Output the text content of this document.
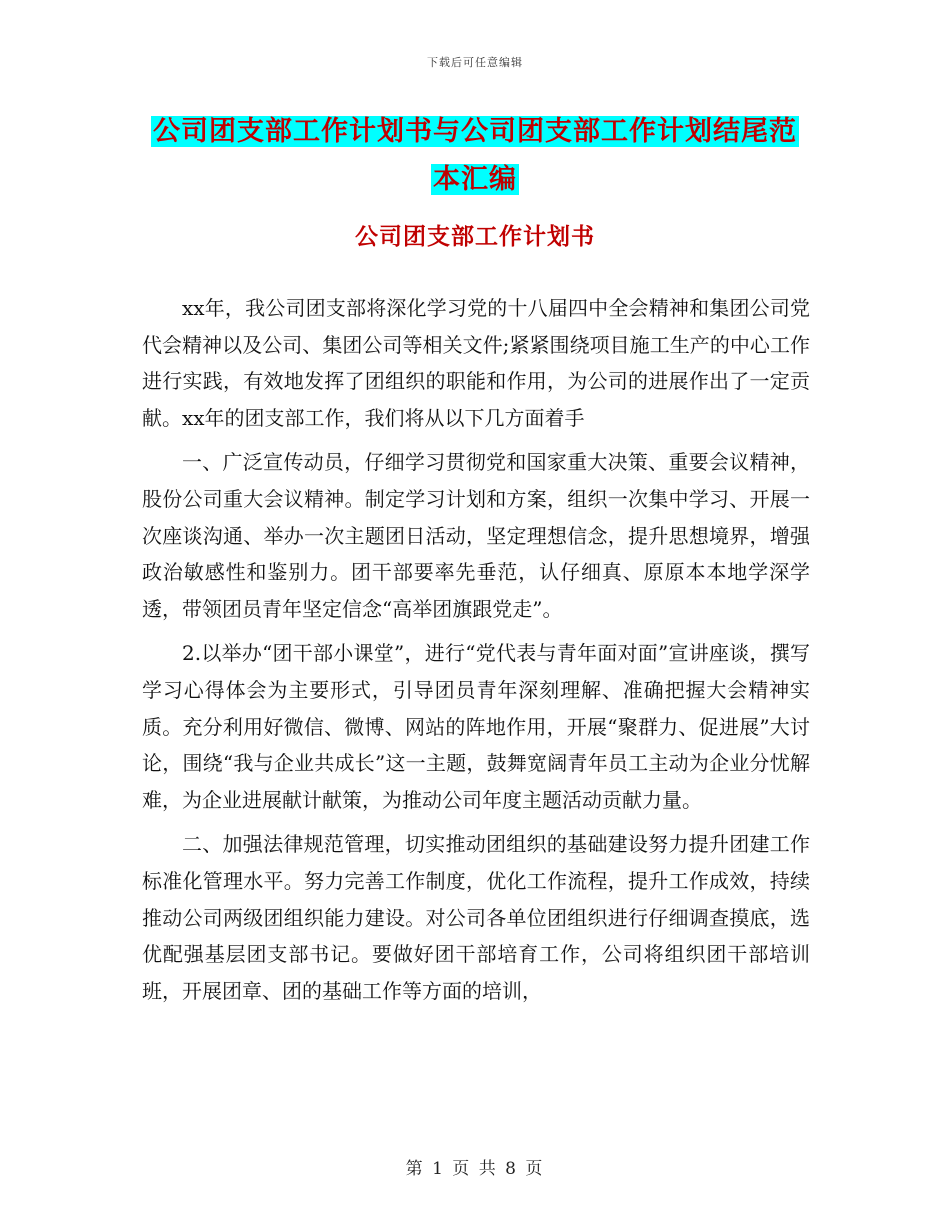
下载后可任意编辑
公司团支部工作计划书与公司团支部工作计划结尾范
本汇编
公司团支部工作计划书

xx年，我公司团支部将深化学习党的十八届四中全会精神和集团公司党代会精神以及公司、集团公司等相关文件;紧紧围绕项目施工生产的中心工作进行实践，有效地发挥了团组织的职能和作用，为公司的进展作出了一定贡献。xx年的团支部工作，我们将从以下几方面着手

一、广泛宣传动员，仔细学习贯彻党和国家重大决策、重要会议精神，股份公司重大会议精神。制定学习计划和方案，组织一次集中学习、开展一次座谈沟通、举办一次主题团日活动，坚定理想信念，提升思想境界，增强政治敏感性和鉴别力。团干部要率先垂范，认仔细真、原原本本地学深学透，带领团员青年坚定信念“高举团旗跟党走”。

2.以举办“团干部小课堂”，进行“党代表与青年面对面”宣讲座谈，撰写学习心得体会为主要形式，引导团员青年深刻理解、准确把握大会精神实质。充分利用好微信、微博、网站的阵地作用，开展“聚群力、促进展”大讨论，围绕“我与企业共成长”这一主题，鼓舞宽阔青年员工主动为企业分忧解难，为企业进展献计献策，为推动公司年度主题活动贡献力量。

二、加强法律规范管理，切实推动团组织的基础建设努力提升团建工作标准化管理水平。努力完善工作制度，优化工作流程，提升工作成效，持续推动公司两级团组织能力建设。对公司各单位团组织进行仔细调查摸底，选优配强基层团支部书记。要做好团干部培育工作，公司将组织团干部培训班，开展团章、团的基础工作等方面的培训，

第 1 页 共 8 页
